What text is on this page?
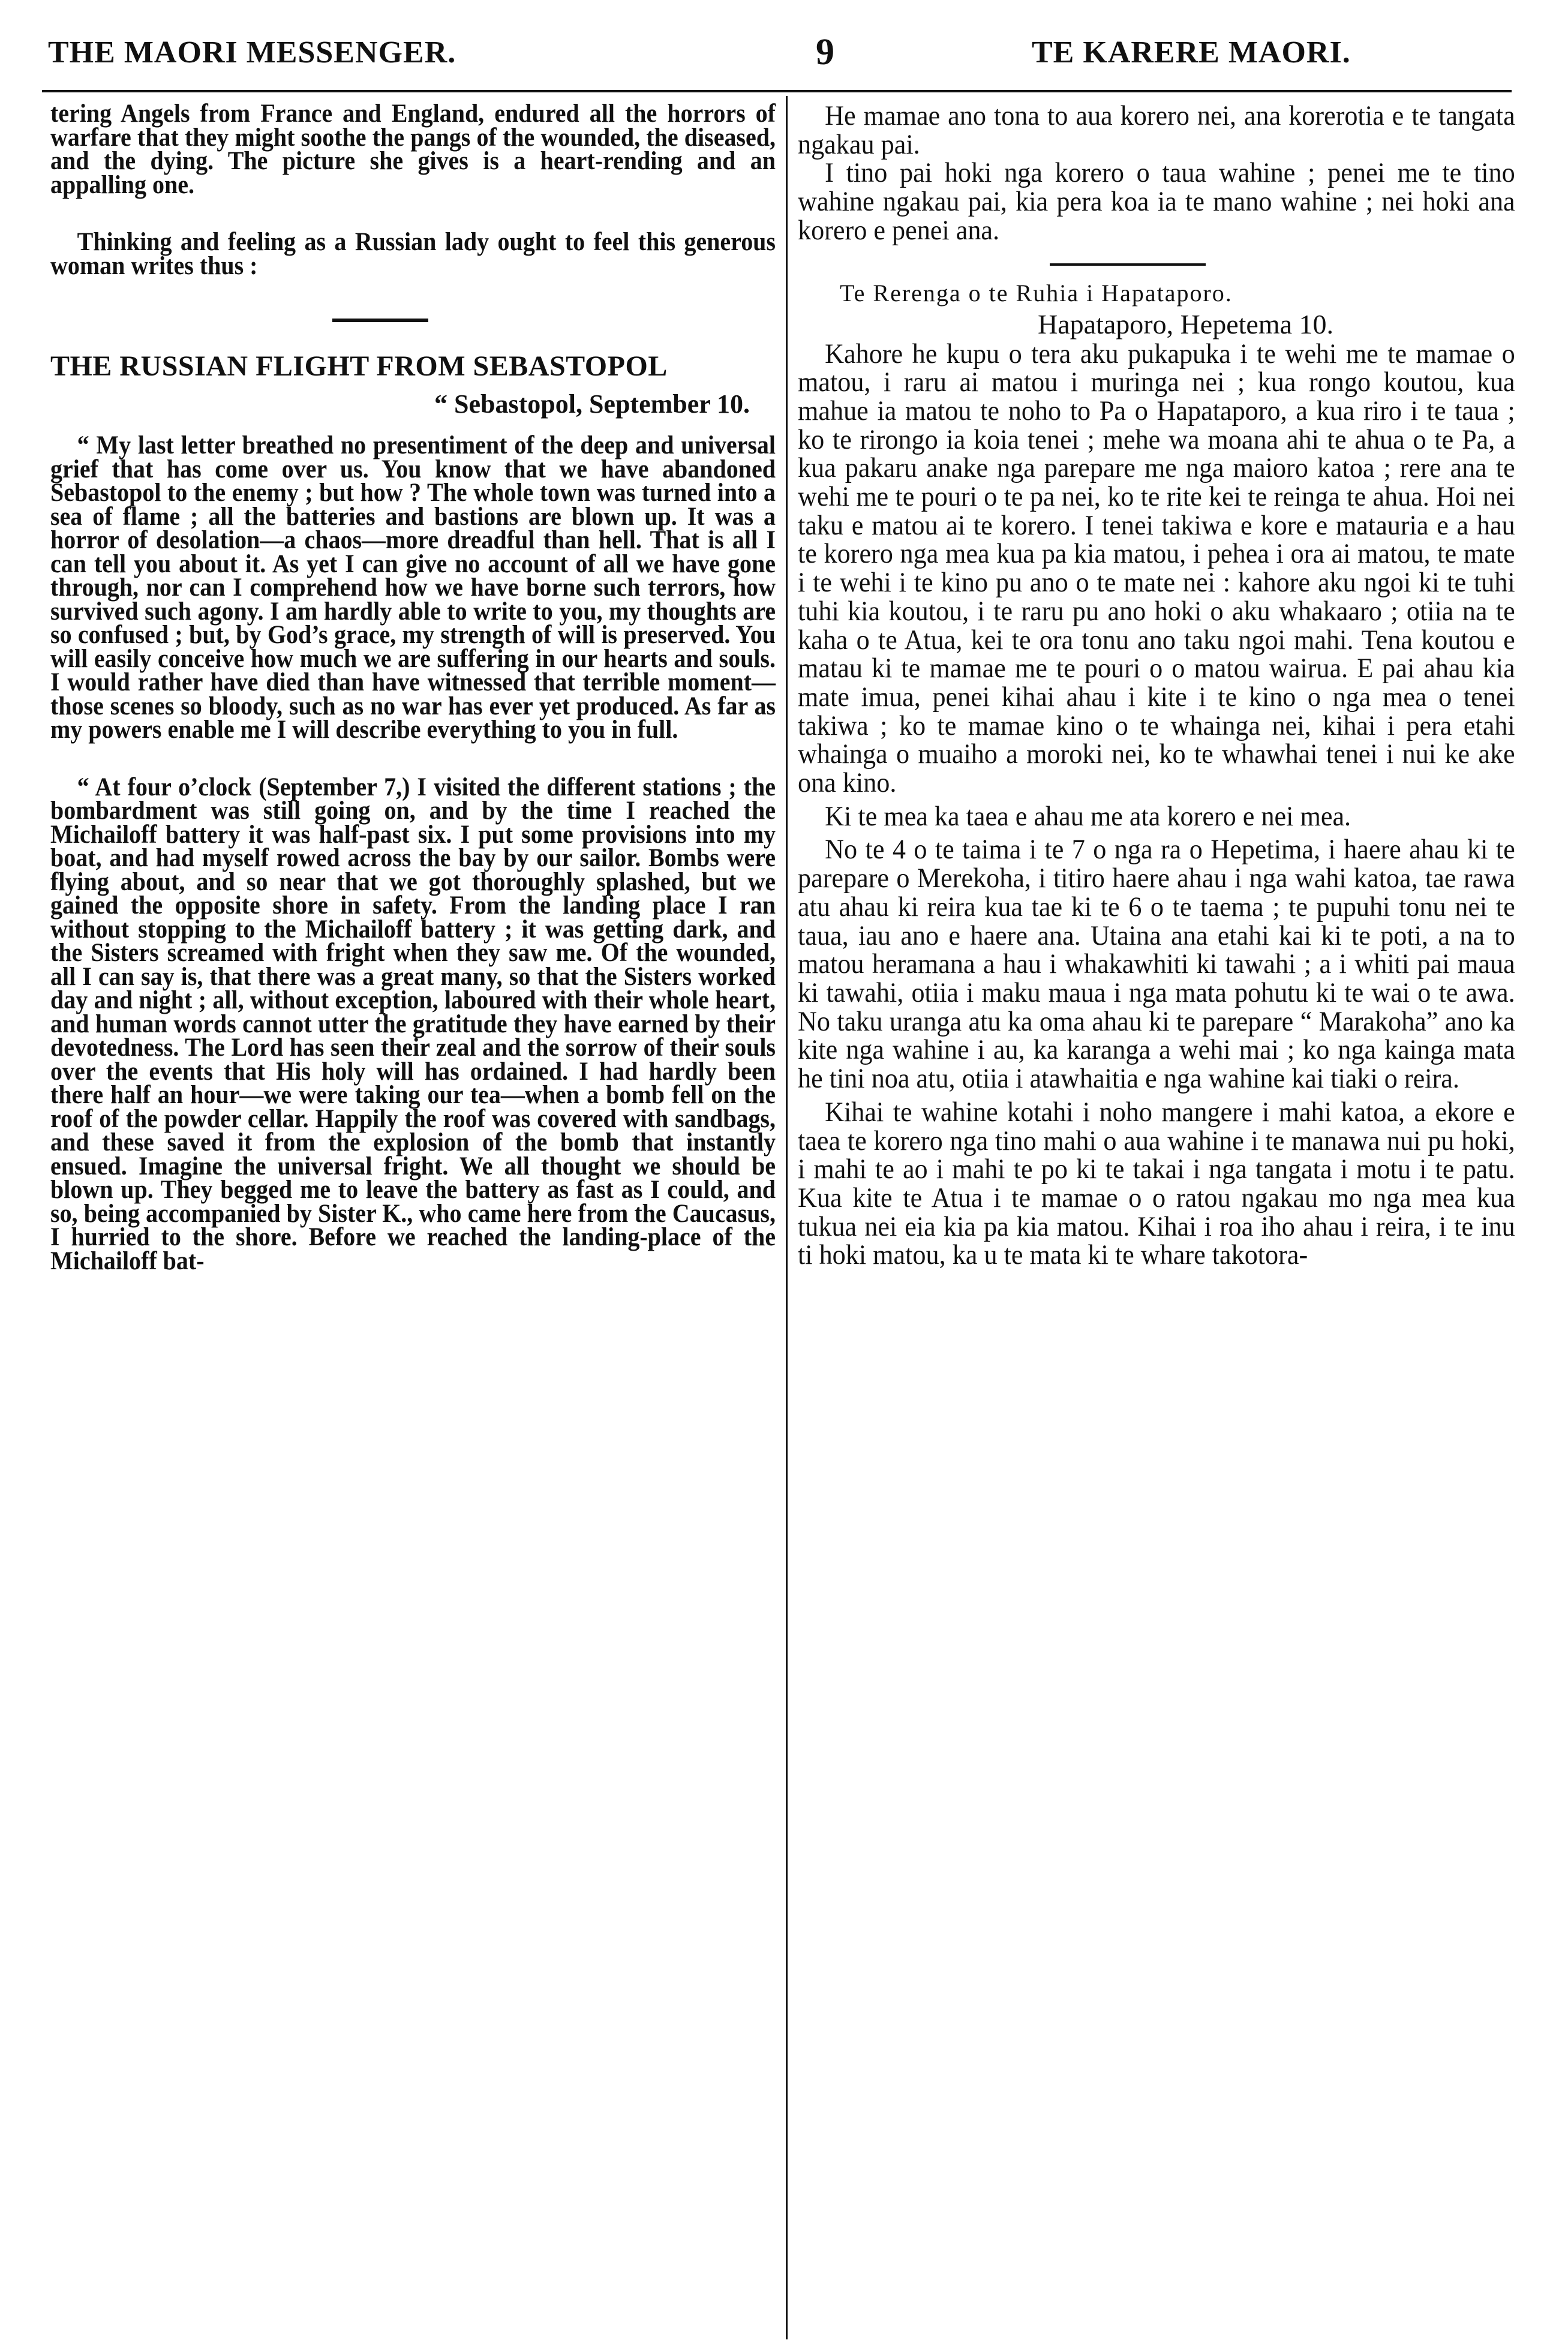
THE MAORI MESSENGER.	9	TE KARERE MAORI.

tering Angels from France and England, endured all the horrors of warfare that they might soothe the pangs of the wounded, the diseased, and the dying. The picture she gives is a heart-rending and an appalling one.

Thinking and feeling as a Russian lady ought to feel this generous woman writes thus :

THE RUSSIAN FLIGHT FROM SEBASTOPOL
“ Sebastopol, September 10.

“ My last letter breathed no presentiment of the deep and universal grief that has come over us. You know that we have abandoned Sebastopol to the enemy ; but how ? The whole town was turned into a sea of flame ; all the batteries and bastions are blown up. It was a horror of desolation—a chaos—more dreadful than hell. That is all I can tell you about it. As yet I can give no account of all we have gone through, nor can I comprehend how we have borne such terrors, how survived such agony. I am hardly able to write to you, my thoughts are so confused ; but, by God’s grace, my strength of will is preserved. You will easily conceive how much we are suffering in our hearts and souls. I would rather have died than have witnessed that terrible moment—those scenes so bloody, such as no war has ever yet produced. As far as my powers enable me I will describe everything to you in full.

“ At four o’clock (September 7,) I visited the different stations ; the bombardment was still going on, and by the time I reached the Michailoff battery it was half-past six. I put some provisions into my boat, and had myself rowed across the bay by our sailor. Bombs were flying about, and so near that we got thoroughly splashed, but we gained the opposite shore in safety. From the landing place I ran without stopping to the Michailoff battery ; it was getting dark, and the Sisters screamed with fright when they saw me. Of the wounded, all I can say is, that there was a great many, so that the Sisters worked day and night ; all, without exception, laboured with their whole heart, and human words cannot utter the gratitude they have earned by their devotedness. The Lord has seen their zeal and the sorrow of their souls over the events that His holy will has ordained. I had hardly been there half an hour—we were taking our tea—when a bomb fell on the roof of the powder cellar. Happily the roof was covered with sandbags, and these saved it from the explosion of the bomb that instantly ensued. Imagine the universal fright. We all thought we should be blown up. They begged me to leave the battery as fast as I could, and so, being accompanied by Sister K., who came here from the Caucasus, I hurried to the shore. Before we reached the landing-place of the Michailoff bat-

He mamae ano tona to aua korero nei, ana korerotia e te tangata ngakau pai.

I tino pai hoki nga korero o taua wahine ; penei me te tino wahine ngakau pai, kia pera koa ia te mano wahine ; nei hoki ana korero e penei ana.

Te Rerenga o te Ruhia i Hapataporo.
Hapataporo, Hepetema 10.

Kahore he kupu o tera aku pukapuka i te wehi me te mamae o matou, i raru ai matou i muringa nei ; kua rongo koutou, kua mahue ia matou te noho to Pa o Hapataporo, a kua riro i te taua ; ko te rirongo ia koia tenei ; mehe wa moana ahi te ahua o te Pa, a kua pakaru anake nga parepare me nga maioro katoa ; rere ana te wehi me te pouri o te pa nei, ko te rite kei te reinga te ahua. Hoi nei taku e matou ai te korero. I tenei takiwa e kore e matauria e a hau te korero nga mea kua pa kia matou, i pehea i ora ai matou, te mate i te wehi i te kino pu ano o te mate nei : kahore aku ngoi ki te tuhi tuhi kia koutou, i te raru pu ano hoki o aku whakaaro ; otiia na te kaha o te Atua, kei te ora tonu ano taku ngoi mahi. Tena koutou e matau ki te mamae me te pouri o o matou wairua. E pai ahau kia mate imua, penei kihai ahau i kite i te kino o nga mea o tenei takiwa ; ko te mamae kino o te whainga nei, kihai i pera etahi whainga o muaiho a moroki nei, ko te whawhai tenei i nui ke ake ona kino.

Ki te mea ka taea e ahau me ata korero e nei mea.

No te 4 o te taima i te 7 o nga ra o Hepetima, i haere ahau ki te parepare o Merekoha, i titiro haere ahau i nga wahi katoa, tae rawa atu ahau ki reira kua tae ki te 6 o te taema ; te pupuhi tonu nei te taua, iau ano e haere ana. Utaina ana etahi kai ki te poti, a na to matou heramana a hau i whakawhiti ki tawahi ; a i whiti pai maua ki tawahi, otiia i maku maua i nga mata pohutu ki te wai o te awa. No taku uranga atu ka oma ahau ki te parepare “ Marakoha” ano ka kite nga wahine i au, ka karanga a wehi mai ; ko nga kainga mata he tini noa atu, otiia i atawhaitia e nga wahine kai tiaki o reira.

Kihai te wahine kotahi i noho mangere i mahi katoa, a ekore e taea te korero nga tino mahi o aua wahine i te manawa nui pu hoki, i mahi te ao i mahi te po ki te takai i nga tangata i motu i te patu. Kua kite te Atua i te mamae o o ratou ngakau mo nga mea kua tukua nei eia kia pa kia matou. Kihai i roa iho ahau i reira, i te inu ti hoki matou, ka u te mata ki te whare takotora-
